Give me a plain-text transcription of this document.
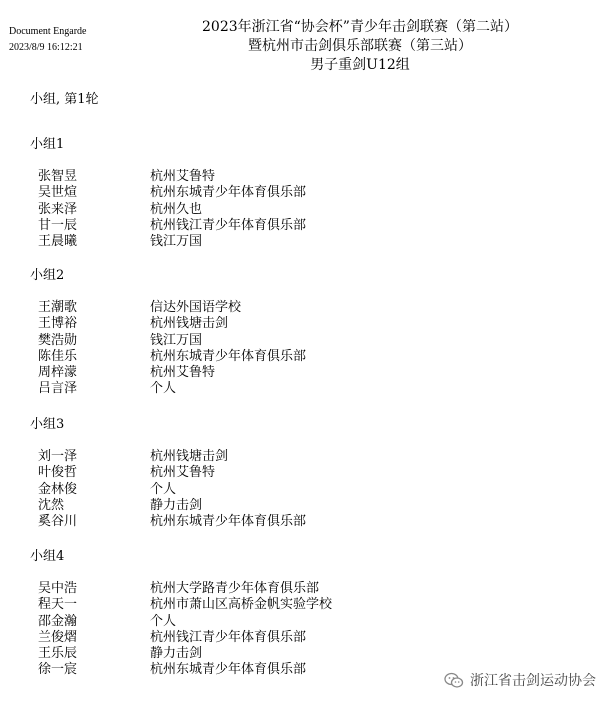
Document Engarde
2023/8/9 16:12:21
2023年浙江省“协会杯”青少年击剑联赛（第二站）
暨杭州市击剑俱乐部联赛（第三站）
男子重剑U12组
小组, 第1轮
小组1
张智昱	杭州艾鲁特
吴世煊	杭州东城青少年体育俱乐部
张来泽	杭州久也
甘一辰	杭州钱江青少年体育俱乐部
王晨曦	钱江万国
小组2
王潮歌	信达外国语学校
王博裕	杭州钱塘击剑
樊浩勋	钱江万国
陈佳乐	杭州东城青少年体育俱乐部
周梓濛	杭州艾鲁特
吕言泽	个人
小组3
刘一泽	杭州钱塘击剑
叶俊哲	杭州艾鲁特
金林俊	个人
沈然	静力击剑
奚谷川	杭州东城青少年体育俱乐部
小组4
吴中浩	杭州大学路青少年体育俱乐部
程天一	杭州市萧山区高桥金帆实验学校
邵金瀚	个人
兰俊熠	杭州钱江青少年体育俱乐部
王乐辰	静力击剑
徐一宸	杭州东城青少年体育俱乐部
浙江省击剑运动协会
